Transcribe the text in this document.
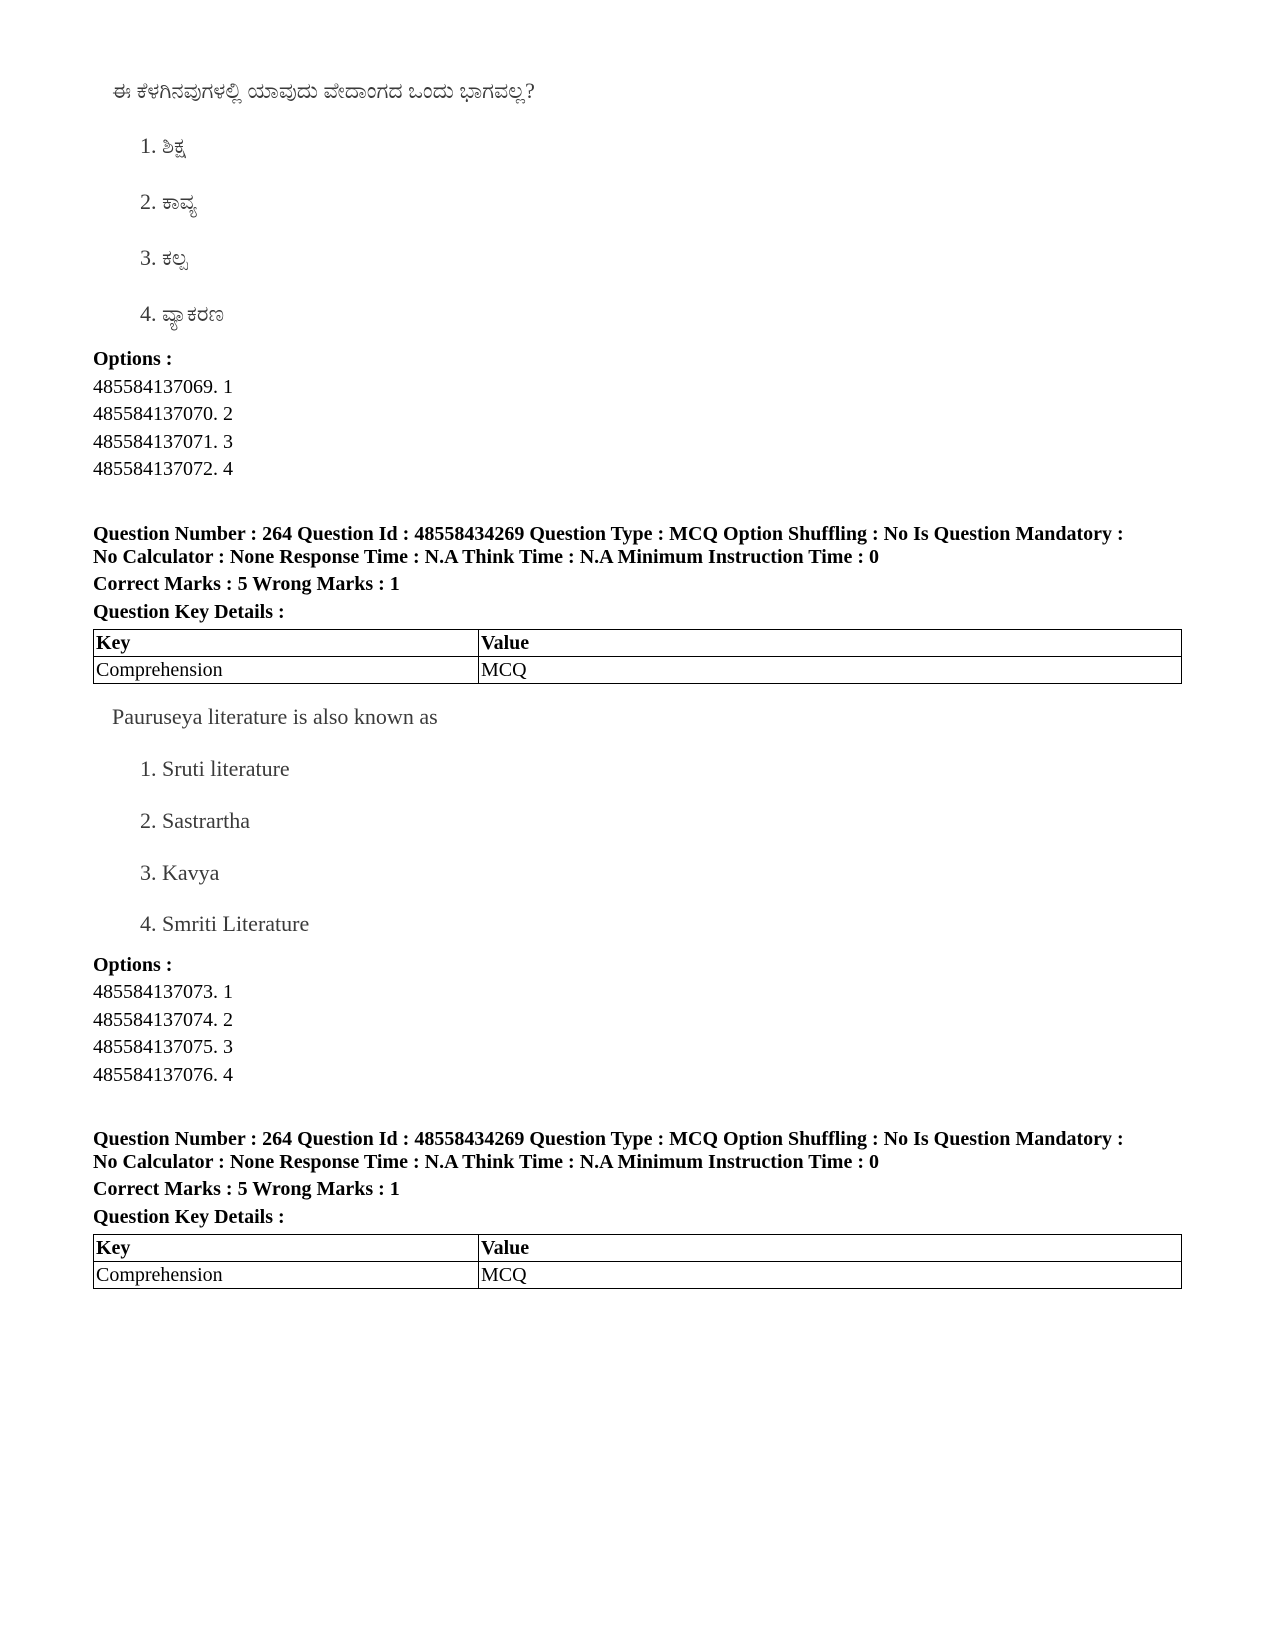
ಈ ಕೆಳಗಿನವುಗಳಲ್ಲಿ ಯಾವುದು ವೇದಾಂಗದ ಒಂದು ಭಾಗವಲ್ಲ?
1. ಶಿಕ್ಷ
2. ಕಾವ್ಯ
3. ಕಲ್ಪ
4. ವ್ಯಾಕರಣ
Options :
485584137069. 1
485584137070. 2
485584137071. 3
485584137072. 4
Question Number : 264 Question Id : 48558434269 Question Type : MCQ Option Shuffling : No Is Question Mandatory :
No Calculator : None Response Time : N.A Think Time : N.A Minimum Instruction Time : 0
Correct Marks : 5 Wrong Marks : 1
Question Key Details :
Key	Value
Comprehension	MCQ
Pauruseya literature is also known as
1. Sruti literature
2. Sastrartha
3. Kavya
4. Smriti Literature
Options :
485584137073. 1
485584137074. 2
485584137075. 3
485584137076. 4
Question Number : 264 Question Id : 48558434269 Question Type : MCQ Option Shuffling : No Is Question Mandatory :
No Calculator : None Response Time : N.A Think Time : N.A Minimum Instruction Time : 0
Correct Marks : 5 Wrong Marks : 1
Question Key Details :
Key	Value
Comprehension	MCQ
